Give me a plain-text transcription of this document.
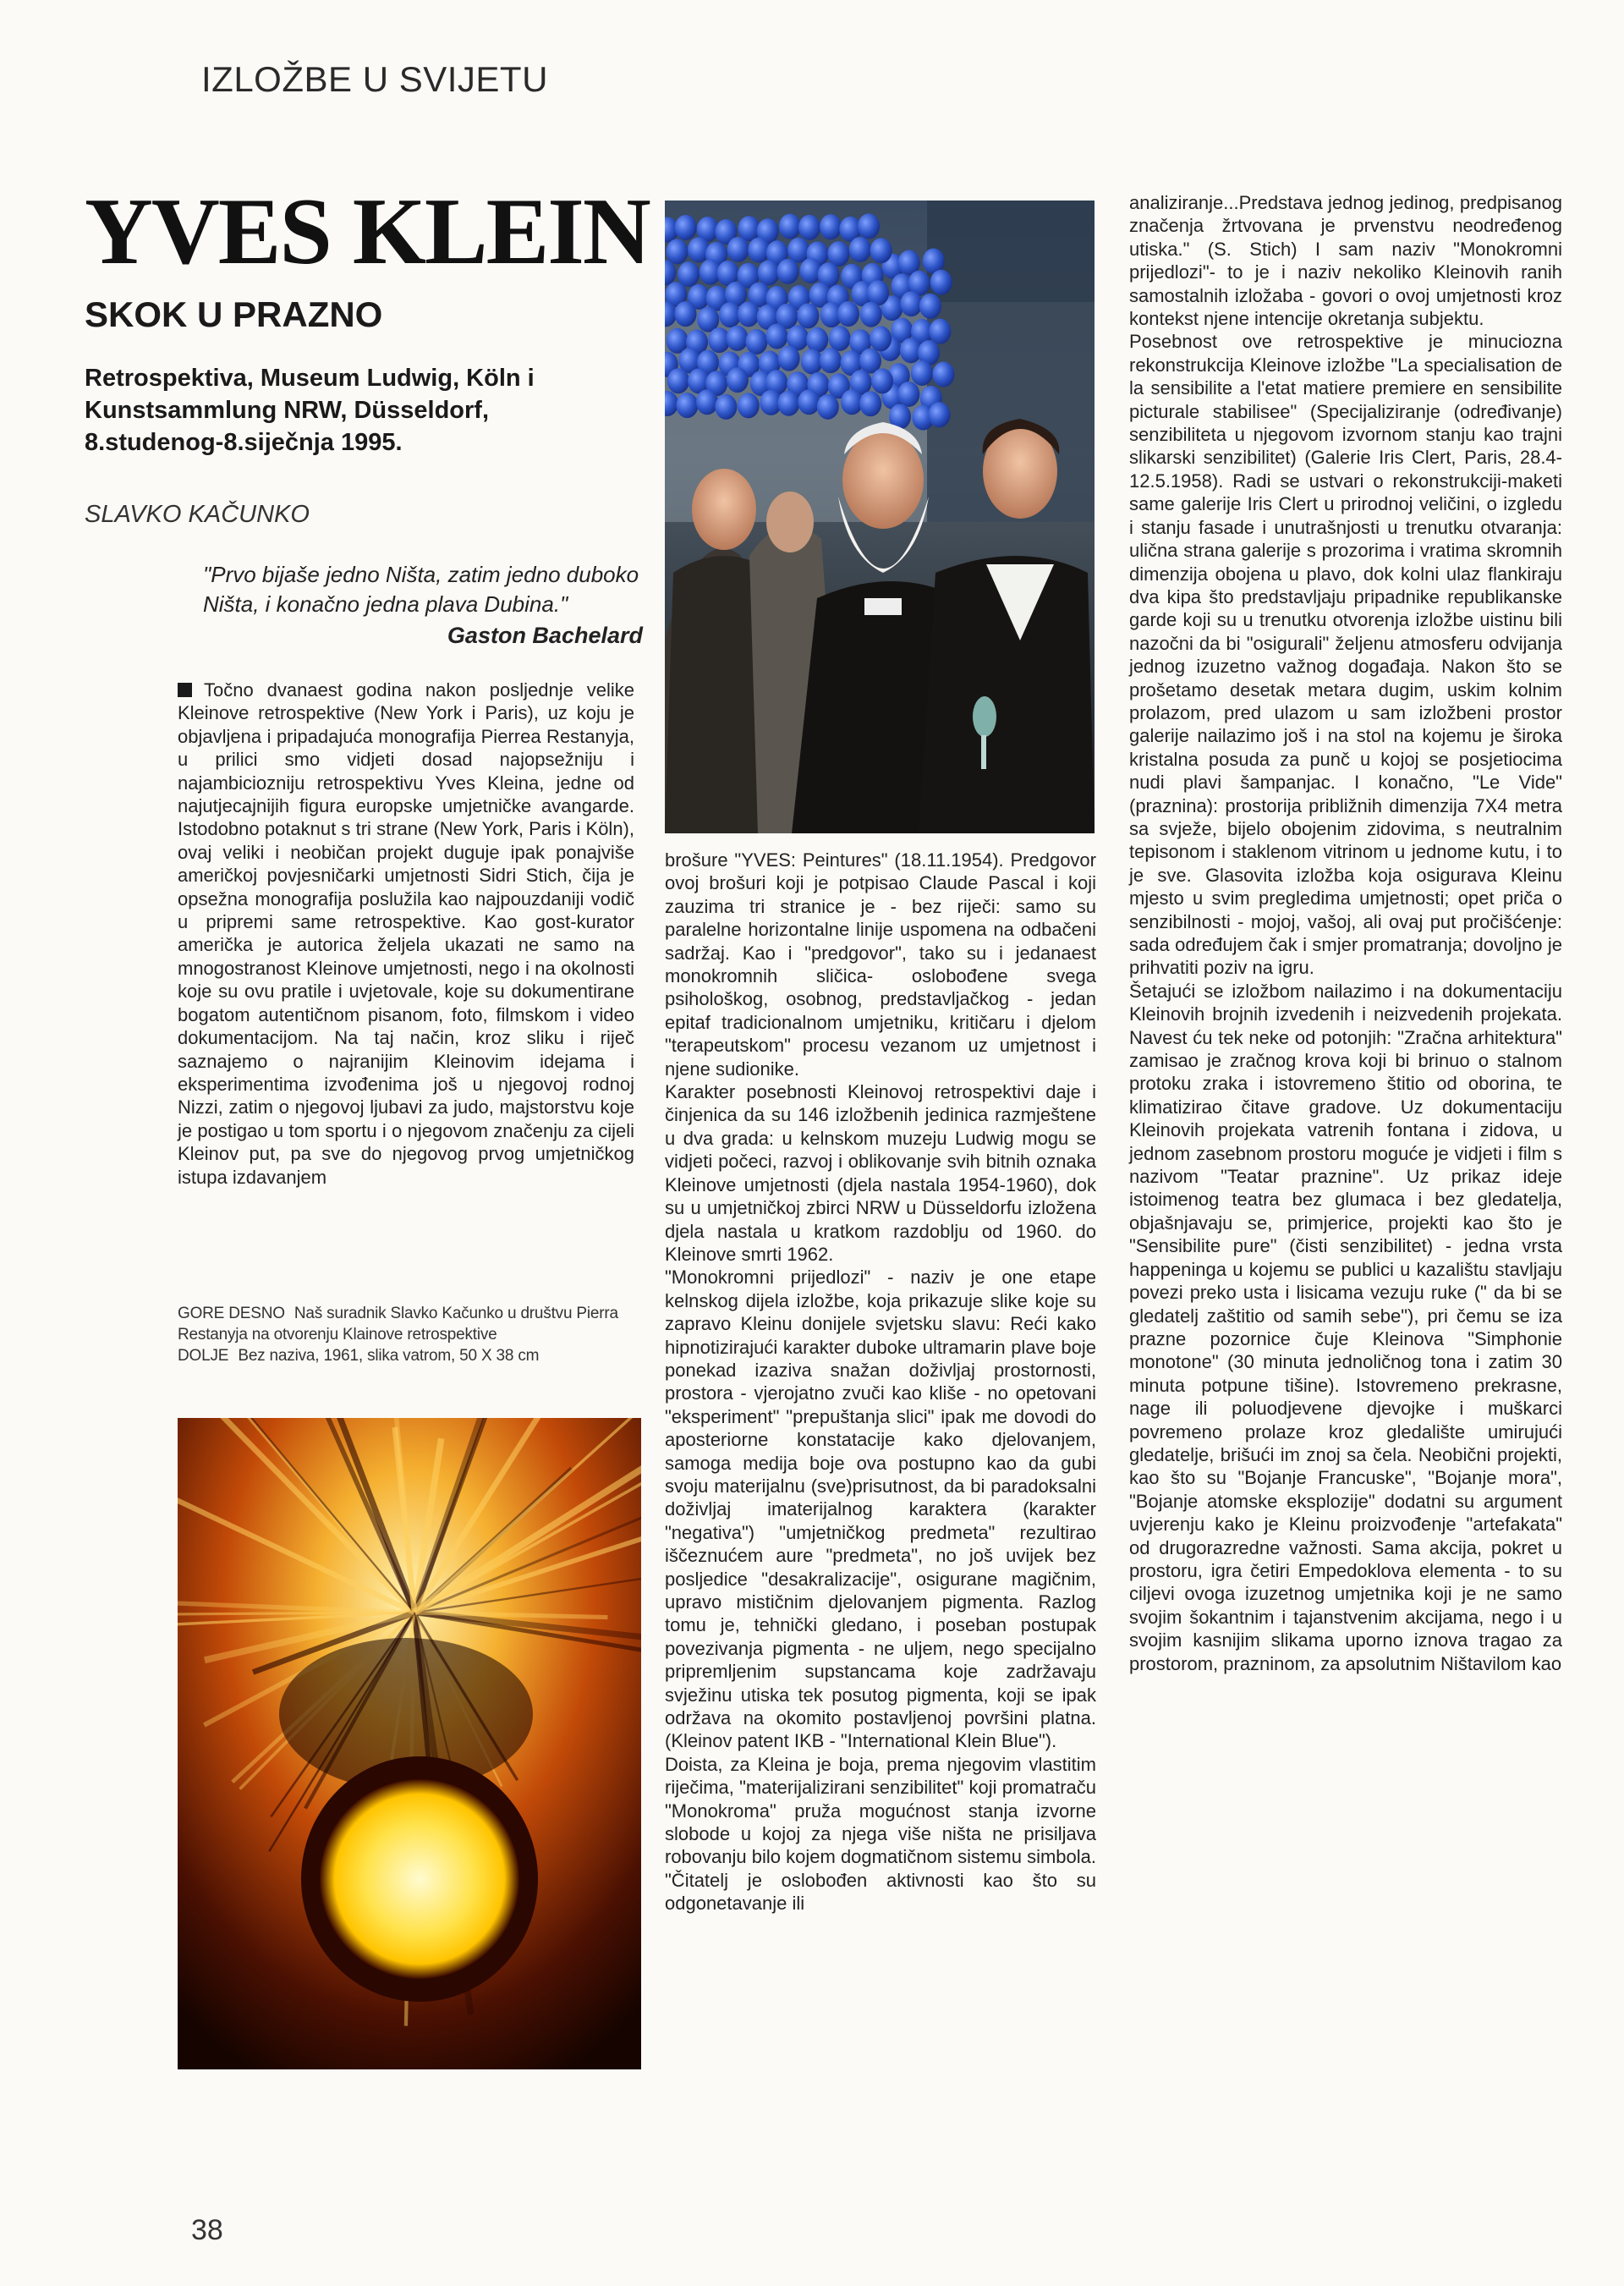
IZLOŽBE U SVIJETU
YVES KLEIN
SKOK U PRAZNO
Retrospektiva, Museum Ludwig, Köln i Kunstsammlung NRW, Düsseldorf, 8.studenog-8.siječnja 1995.
SLAVKO KAČUNKO
"Prvo bijaše jedno Ništa, zatim jedno duboko Ništa, i konačno jedna plava Dubina."
Gaston Bachelard

Točno dvanaest godina nakon posljednje velike Kleinove retrospektive (New York i Paris), uz koju je objavljena i pripadajuća monografija Pierrea Restanyja, u prilici smo vidjeti dosad najopsežniju i najambiciozniju retrospektivu Yves Kleina, jedne od najutjecajnijih figura europske umjetničke avangarde. Istodobno potaknut s tri strane (New York, Paris i Köln), ovaj veliki i neobičan projekt duguje ipak ponajviše američkoj povjesničarki umjetnosti Sidri Stich, čija je opsežna monografija poslužila kao najpouzdaniji vodič u pripremi same retrospektive. Kao gost-kurator američka je autorica željela ukazati ne samo na mnogostranost Kleinove umjetnosti, nego i na okolnosti koje su ovu pratile i uvjetovale, koje su dokumentirane bogatom autentičnom pisanom, foto, filmskom i video dokumentacijom. Na taj način, kroz sliku i riječ saznajemo o najranijim Kleinovim idejama i eksperimentima izvođenima još u njegovoj rodnoj Nizzi, zatim o njegovoj ljubavi za judo, majstorstvu koje je postigao u tom sportu i o njegovom značenju za cijeli Kleinov put, pa sve do njegovog prvog umjetničkog istupa izdavanjem

GORE DESNO Naš suradnik Slavko Kačunko u društvu Pierra Restanyja na otvorenju Klainove retrospektive
DOLJE Bez naziva, 1961, slika vatrom, 50 X 38 cm

brošure "YVES: Peintures" (18.11.1954). Predgovor ovoj brošuri koji je potpisao Claude Pascal i koji zauzima tri stranice je - bez riječi: samo su paralelne horizontalne linije uspomena na odbačeni sadržaj. Kao i "predgovor", tako su i jedanaest monokromnih sličica- oslobođene svega psihološkog, osobnog, predstavljačkog - jedan epitaf tradicionalnom umjetniku, kritičaru i djelom "terapeutskom" procesu vezanom uz umjetnost i njene sudionike.

Karakter posebnosti Kleinovoj retrospektivi daje i činjenica da su 146 izložbenih jedinica razmještene u dva grada: u kelnskom muzeju Ludwig mogu se vidjeti počeci, razvoj i oblikovanje svih bitnih oznaka Kleinove umjetnosti (djela nastala 1954-1960), dok su u umjetničkoj zbirci NRW u Düsseldorfu izložena djela nastala u kratkom razdoblju od 1960. do Kleinove smrti 1962.

"Monokromni prijedlozi" - naziv je one etape kelnskog dijela izložbe, koja prikazuje slike koje su zapravo Kleinu donijele svjetsku slavu: Reći kako hipnotizirajući karakter duboke ultramarin plave boje ponekad izaziva snažan doživljaj prostornosti, prostora - vjerojatno zvuči kao kliše - no opetovani "eksperiment" "prepuštanja slici" ipak me dovodi do aposteriorne konstatacije kako djelovanjem, samoga medija boje ova postupno kao da gubi svoju materijalnu (sve)prisutnost, da bi paradoksalni doživljaj imaterijalnog karaktera (karakter "negativa") "umjetničkog predmeta" rezultirao iščeznućem aure "predmeta", no još uvijek bez posljedice "desakralizacije", osigurane magičnim, upravo mističnim djelovanjem pigmenta. Razlog tomu je, tehnički gledano, i poseban postupak povezivanja pigmenta - ne uljem, nego specijalno pripremljenim supstancama koje zadržavaju svježinu utiska tek posutog pigmenta, koji se ipak održava na okomito postavljenoj površini platna. (Kleinov patent IKB - "International Klein Blue").

Doista, za Kleina je boja, prema njegovim vlastitim riječima, "materijalizirani senzibilitet" koji promatraču "Monokroma" pruža mogućnost stanja izvorne slobode u kojoj za njega više ništa ne prisiljava robovanju bilo kojem dogmatičnom sistemu simbola. "Čitatelj je oslobođen aktivnosti kao što su odgonetavanje ili

analiziranje...Predstava jednog jedinog, predpisanog značenja žrtvovana je prvenstvu neodređenog utiska." (S. Stich) I sam naziv "Monokromni prijedlozi"- to je i naziv nekoliko Kleinovih ranih samostalnih izložaba - govori o ovoj umjetnosti kroz kontekst njene intencije okretanja subjektu.

Posebnost ove retrospektive je minuciozna rekonstrukcija Kleinove izložbe "La specialisation de la sensibilite a l'etat matiere premiere en sensibilite picturale stabilisee" (Specijaliziranje (određivanje) senzibiliteta u njegovom izvornom stanju kao trajni slikarski senzibilitet) (Galerie Iris Clert, Paris, 28.4-12.5.1958). Radi se ustvari o rekonstrukciji-maketi same galerije Iris Clert u prirodnoj veličini, o izgledu i stanju fasade i unutrašnjosti u trenutku otvaranja: ulična strana galerije s prozorima i vratima skromnih dimenzija obojena u plavo, dok kolni ulaz flankiraju dva kipa što predstavljaju pripadnike republikanske garde koji su u trenutku otvorenja izložbe uistinu bili nazočni da bi "osigurali" željenu atmosferu odvijanja jednog izuzetno važnog događaja. Nakon što se prošetamo desetak metara dugim, uskim kolnim prolazom, pred ulazom u sam izložbeni prostor galerije nailazimo još i na stol na kojemu je široka kristalna posuda za punč u kojoj se posjetiocima nudi plavi šampanjac. I konačno, "Le Vide" (praznina): prostorija približnih dimenzija 7X4 metra sa svježe, bijelo obojenim zidovima, s neutralnim tepisonom i staklenom vitrinom u jednome kutu, i to je sve. Glasovita izložba koja osigurava Kleinu mjesto u svim pregledima umjetnosti; opet priča o senzibilnosti - mojoj, vašoj, ali ovaj put pročišćenje: sada određujem čak i smjer promatranja; dovoljno je prihvatiti poziv na igru.

Šetajući se izložbom nailazimo i na dokumentaciju Kleinovih brojnih izvedenih i neizvedenih projekata. Navest ću tek neke od potonjih: "Zračna arhitektura" zamisao je zračnog krova koji bi brinuo o stalnom protoku zraka i istovremeno štitio od oborina, te klimatizirao čitave gradove. Uz dokumentaciju Kleinovih projekata vatrenih fontana i zidova, u jednom zasebnom prostoru moguće je vidjeti i film s nazivom "Teatar praznine". Uz prikaz ideje istoimenog teatra bez glumaca i bez gledatelja, objašnjavaju se, primjerice, projekti kao što je "Sensibilite pure" (čisti senzibilitet) - jedna vrsta happeninga u kojemu se publici u kazalištu stavljaju povezi preko usta i lisicama vezuju ruke (" da bi se gledatelj zaštitio od samih sebe"), pri čemu se iza prazne pozornice čuje Kleinova "Simphonie monotone" (30 minuta jednoličnog tona i zatim 30 minuta potpune tišine). Istovremeno prekrasne, nage ili poluodjevene djevojke i muškarci povremeno prolaze kroz gledalište umirujući gledatelje, brišući im znoj sa čela. Neobični projekti, kao što su "Bojanje Francuske", "Bojanje mora", "Bojanje atomske eksplozije" dodatni su argument uvjerenju kako je Kleinu proizvođenje "artefakata" od drugorazredne važnosti. Sama akcija, pokret u prostoru, igra četiri Empedoklova elementa - to su ciljevi ovoga izuzetnog umjetnika koji je ne samo svojim šokantnim i tajanstvenim akcijama, nego i u svojim kasnijim slikama uporno iznova tragao za prostorom, prazninom, za apsolutnim Ništavilom kao

38
